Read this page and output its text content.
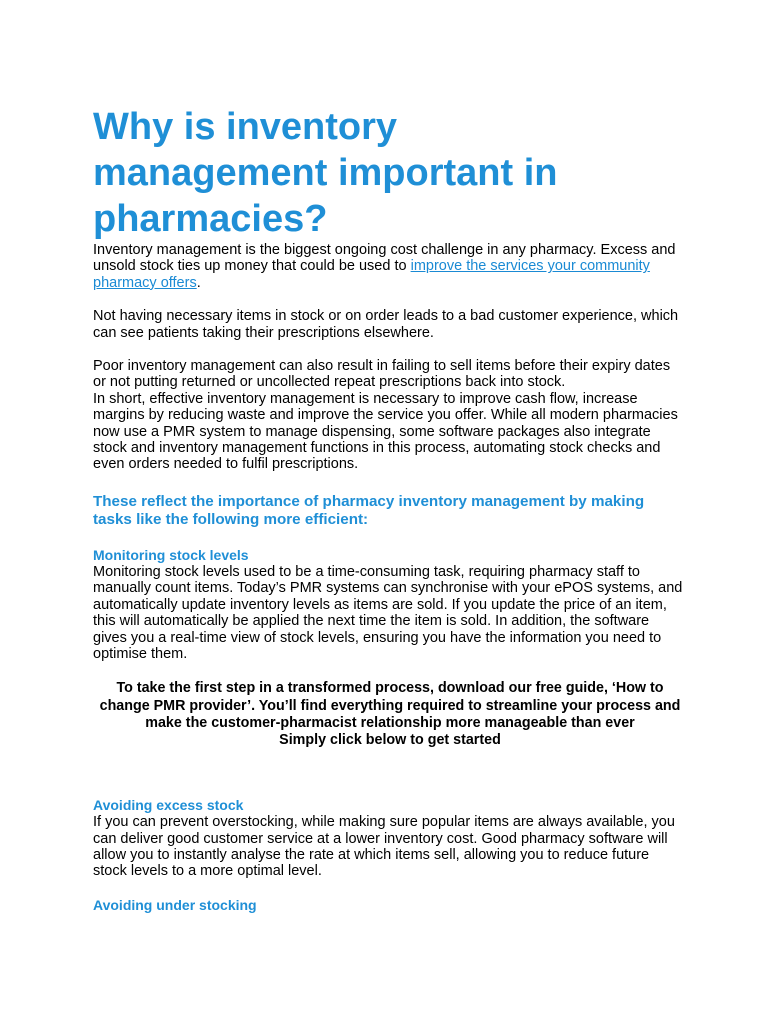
Why is inventory management important in pharmacies?

Inventory management is the biggest ongoing cost challenge in any pharmacy. Excess and unsold stock ties up money that could be used to improve the services your community pharmacy offers.

Not having necessary items in stock or on order leads to a bad customer experience, which can see patients taking their prescriptions elsewhere.

Poor inventory management can also result in failing to sell items before their expiry dates or not putting returned or uncollected repeat prescriptions back into stock.

In short, effective inventory management is necessary to improve cash flow, increase margins by reducing waste and improve the service you offer. While all modern pharmacies now use a PMR system to manage dispensing, some software packages also integrate stock and inventory management functions in this process, automating stock checks and even orders needed to fulfil prescriptions.

These reflect the importance of pharmacy inventory management by making tasks like the following more efficient:
Monitoring stock levels

Monitoring stock levels used to be a time-consuming task, requiring pharmacy staff to manually count items. Today’s PMR systems can synchronise with your ePOS systems, and automatically update inventory levels as items are sold. If you update the price of an item, this will automatically be applied the next time the item is sold. In addition, the software gives you a real-time view of stock levels, ensuring you have the information you need to optimise them.

To take the first step in a transformed process, download our free guide, ‘How to change PMR provider’. You’ll find everything required to streamline your process and make the customer-pharmacist relationship more manageable than ever

Simply click below to get started

Avoiding excess stock

If you can prevent overstocking, while making sure popular items are always available, you can deliver good customer service at a lower inventory cost. Good pharmacy software will allow you to instantly analyse the rate at which items sell, allowing you to reduce future stock levels to a more optimal level.

Avoiding under stocking
